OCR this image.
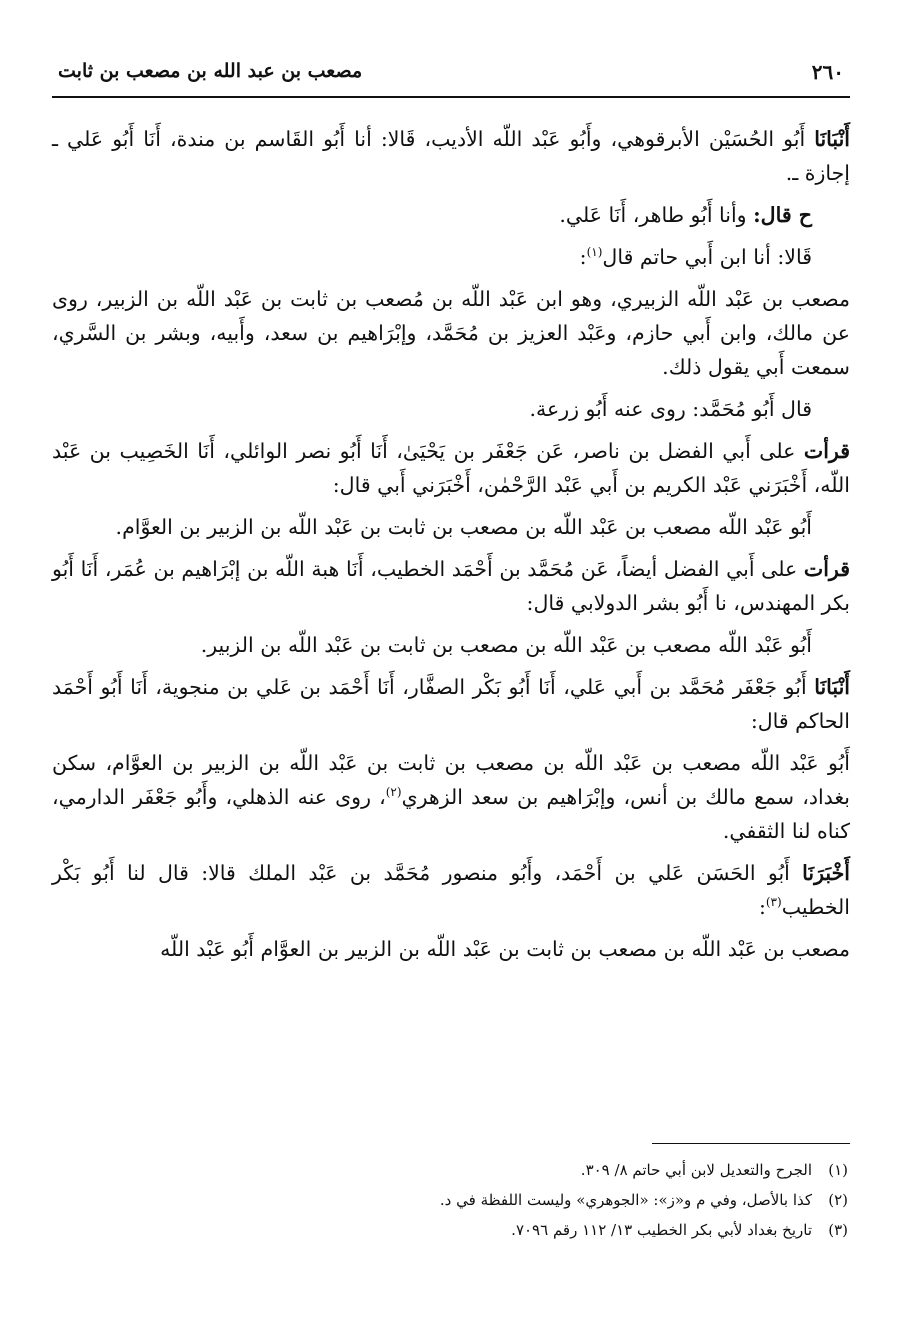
٢٦٠
مصعب بن عبد الله بن مصعب بن ثابت

أَنْبَانَا أَبُو الحُسَيْن الأبرقوهي، وأَبُو عَبْد اللّه الأديب، قَالا: أنا أَبُو القَاسم بن مندة، أَنَا أَبُو عَلي ـ إجازة ـ.

ح قال: وأنا أَبُو طاهر، أَنَا عَلي.

قَالا: أنا ابن أَبي حاتم قال$^{(١)}$:

مصعب بن عَبْد اللّه الزبيري، وهو ابن عَبْد اللّه بن مُصعب بن ثابت بن عَبْد اللّه بن الزبير، روى عن مالك، وابن أَبي حازم، وعَبْد العزيز بن مُحَمَّد، وإبْرَاهيم بن سعد، وأَبيه، وبشر بن السَّري، سمعت أَبي يقول ذلك.

قال أَبُو مُحَمَّد: روى عنه أَبُو زرعة.

قرأت على أَبي الفضل بن ناصر، عَن جَعْفَر بن يَحْيَىٰ، أَنَا أَبُو نصر الوائلي، أَنَا الخَصِيب بن عَبْد اللّه، أَخْبَرَني عَبْد الكريم بن أَبي عَبْد الرَّحْمٰن، أَخْبَرَني أَبي قال:

أَبُو عَبْد اللّه مصعب بن عَبْد اللّه بن مصعب بن ثابت بن عَبْد اللّه بن الزبير بن العوَّام.

قرأت على أَبي الفضل أيضاً، عَن مُحَمَّد بن أَحْمَد الخطيب، أَنَا هبة اللّه بن إبْرَاهيم بن عُمَر، أَنَا أَبُو بكر المهندس، نا أَبُو بشر الدولابي قال:

أَبُو عَبْد اللّه مصعب بن عَبْد اللّه بن مصعب بن ثابت بن عَبْد اللّه بن الزبير.

أَنْبَانَا أَبُو جَعْفَر مُحَمَّد بن أَبي عَلي، أَنَا أَبُو بَكْر الصفَّار، أَنَا أَحْمَد بن عَلي بن منجوية، أَنَا أَبُو أَحْمَد الحاكم قال:

أَبُو عَبْد اللّه مصعب بن عَبْد اللّه بن مصعب بن ثابت بن عَبْد اللّه بن الزبير بن العوَّام، سكن بغداد، سمع مالك بن أنس، وإبْرَاهيم بن سعد الزهري$^{(٢)}$، روى عنه الذهلي، وأَبُو جَعْفَر الدارمي، كناه لنا الثقفي.

أَخْبَرَنَا أَبُو الحَسَن عَلي بن أَحْمَد، وأَبُو منصور مُحَمَّد بن عَبْد الملك قالا: قال لنا أَبُو بَكْر الخطيب$^{(٣)}$:

مصعب بن عَبْد اللّه بن مصعب بن ثابت بن عَبْد اللّه بن الزبير بن العوَّام أَبُو عَبْد اللّه

(١)الجرح والتعديل لابن أبي حاتم ٨/ ٣٠٩.

(٢)كذا بالأصل، وفي م و«ز»: «الجوهري» وليست اللفظة في د.

(٣)تاريخ بغداد لأبي بكر الخطيب ١٣/ ١١٢ رقم ٧٠٩٦.
